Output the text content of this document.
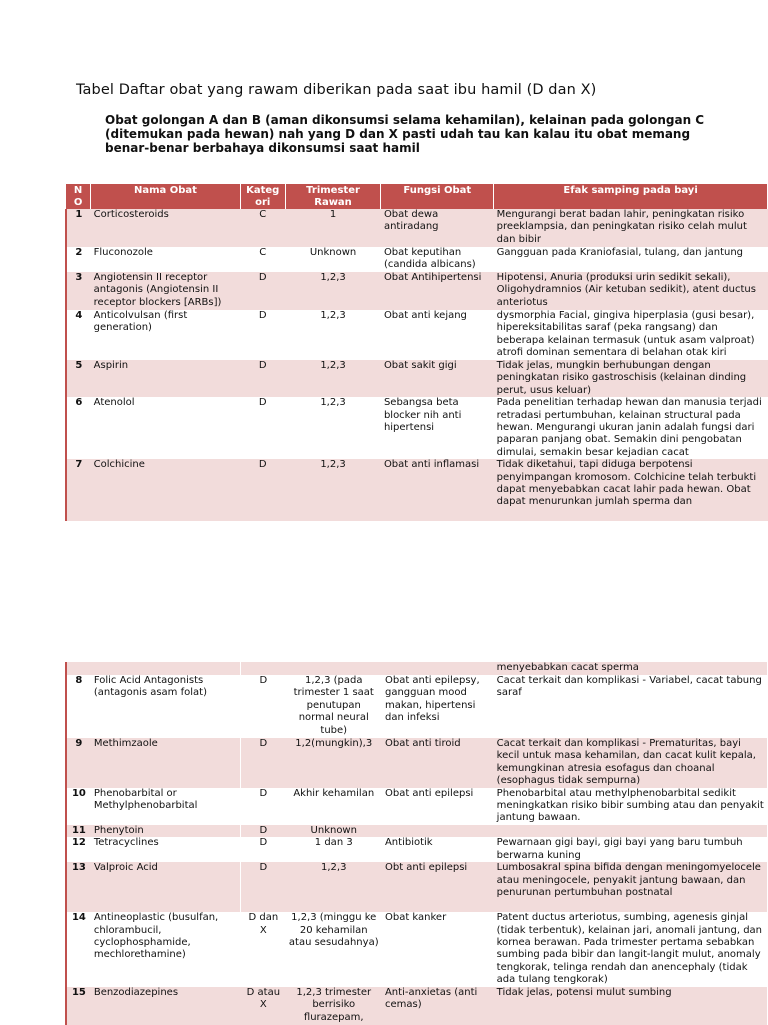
Tabel Daftar obat yang rawam diberikan pada saat ibu hamil (D dan X)
Obat golongan A dan B (aman dikonsumsi selama kehamilan), kelainan pada golongan C (ditemukan pada hewan) nah yang D dan X pasti udah tau kan kalau itu obat memang benar-benar berbahaya dikonsumsi saat hamil
N O	Nama Obat	Kateg ori	Trimester Rawan	Fungsi Obat	Efak samping pada bayi
1	Corticosteroids	C	1	Obat dewa antiradang	Mengurangi berat badan lahir, peningkatan risiko preeklampsia, dan peningkatan risiko celah mulut dan bibir
2	Fluconozole	C	Unknown	Obat keputihan (candida albicans)	Gangguan pada Kraniofasial, tulang, dan jantung
3	Angiotensin II receptor antagonis (Angiotensin II receptor blockers [ARBs])	D	1,2,3	Obat Antihipertensi	Hipotensi, Anuria (produksi urin sedikit sekali), Oligohydramnios (Air ketuban sedikit), atent ductus anteriotus
4	Anticolvulsan (first generation)	D	1,2,3	Obat anti kejang	dysmorphia Facial, gingiva hiperplasia (gusi besar), hipereksitabilitas saraf (peka rangsang) dan beberapa kelainan termasuk (untuk asam valproat) atrofi dominan sementara di belahan otak kiri
5	Aspirin	D	1,2,3	Obat sakit gigi	Tidak jelas, mungkin berhubungan dengan peningkatan risiko gastroschisis (kelainan dinding perut, usus keluar)
6	Atenolol	D	1,2,3	Sebangsa beta blocker nih anti hipertensi	Pada penelitian terhadap hewan dan manusia terjadi retradasi pertumbuhan, kelainan structural pada hewan. Mengurangi ukuran janin adalah fungsi dari paparan panjang obat. Semakin dini pengobatan dimulai, semakin besar kejadian cacat
7	Colchicine	D	1,2,3	Obat anti inflamasi	Tidak diketahui, tapi diduga berpotensi penyimpangan kromosom. Colchicine telah terbukti dapat menyebabkan cacat lahir pada hewan. Obat dapat menurunkan jumlah sperma dan
					menyebabkan cacat sperma
8	Folic Acid Antagonists (antagonis asam folat)	D	1,2,3 (pada trimester 1 saat penutupan normal neural tube)	Obat anti epilepsy, gangguan mood makan, hipertensi dan infeksi	Cacat terkait dan komplikasi - Variabel, cacat tabung saraf
9	Methimzaole	D	1,2(mungkin),3	Obat anti tiroid	Cacat terkait dan komplikasi - Prematuritas, bayi kecil untuk masa kehamilan, dan cacat kulit kepala, kemungkinan atresia esofagus dan choanal (esophagus tidak sempurna)
10	Phenobarbital or Methylphenobarbital	D	Akhir kehamilan	Obat anti epilepsi	Phenobarbital atau methylphenobarbital sedikit meningkatkan risiko bibir sumbing atau dan penyakit jantung bawaan.
11	Phenytoin	D	Unknown		
12	Tetracyclines	D	1 dan 3	Antibiotik	Pewarnaan gigi bayi, gigi bayi yang baru tumbuh berwarna kuning
13	Valproic Acid	D	1,2,3	Obt anti epilepsi	Lumbosakral spina bifida dengan meningomyelocele atau meningocele, penyakit jantung bawaan, dan penurunan pertumbuhan postnatal
14	Antineoplastic (busulfan, chlorambucil, cyclophosphamide, mechlorethamine)	D dan X	1,2,3 (minggu ke 20 kehamilan atau sesudahnya)	Obat kanker	Patent ductus arteriotus, sumbing, agenesis ginjal (tidak terbentuk), kelainan jari, anomali jantung, dan kornea berawan. Pada trimester pertama sebabkan sumbing pada bibir dan langit-langit mulut, anomaly tengkorak, telinga rendah dan anencephaly (tidak ada tulang tengkorak)
15	Benzodiazepines	D atau X	1,2,3 trimester berrisiko flurazepam,	Anti-anxietas (anti cemas)	Tidak jelas, potensi mulut sumbing
